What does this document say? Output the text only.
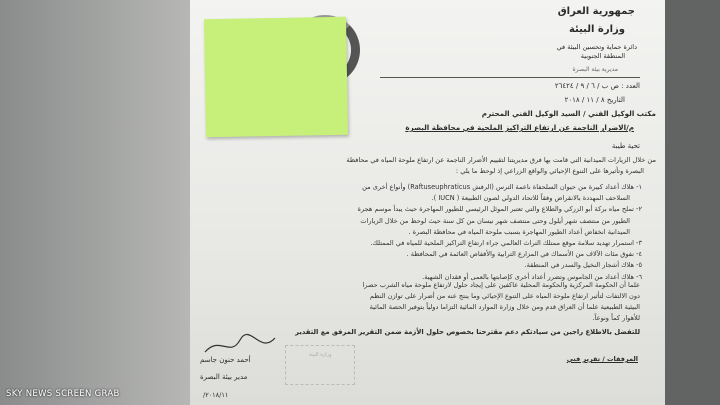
جمهورية العراق
وزارة البيئة
دائرة حماية وتحسين البيئة في
المنطقة الجنوبية
مديرية بيئة البصرة
العدد : ص ب / ٦ / ٩ / ٢٦٤٢٤
التاريخ ٨ / ١١ / ٢٠١٨
مكتب الوكيل الفني / السيد الوكيل الفني المحترم
م/الاضرار الناجمة عن ارتفاع التراكيز الملحية في محافظة البصرة
تحية طيبة
من خلال الزيارات الميدانية التي قامت بها فرق مديريتنا لتقييم الأضرار الناجمة عن ارتفاع ملوحة المياه في محافظة
البصرة وتأثيرها على التنوع الإحيائي والواقع الزراعي إذ لوحظ ما يلي :
١- هلاك أعداد كبيرة من حيوان السلحفاة ناعمة الترس (الرفش Raftuseuphraticus) وأنواع أخرى من
السلاحف المهددة بالانقراض وفقاً للاتحاد الدولي لصون الطبيعة ( IUCN ).
٢- تملح مياه بركة أبو الزركي والطلاع والتي تعتبر الموئل الرئيسي للطيور المهاجرة حيث يبدأ موسم هجرة
الطيور من منتصف شهر أيلول وحتى منتصف شهر نيسان من كل سنة حيث لوحظ من خلال الزيارات
الميدانية انخفاض أعداد الطيور المهاجرة بسبب ملوحة المياه في محافظة البصرة .
٣- استمرار تهديد سلامة موقع ممتلك التراث العالمي جراء ارتفاع التراكيز الملحية للمياه في الممتلك.
٤- نفوق مئات الآلاف من الأسماك في المزارع الترابية والأقفاص العائمة في المحافظة .
٥- هلاك أشجار النخيل والسدر في المنطقة.
٦- هلاك أعداد من الجاموس وتضرر أعداد أخرى كإصابتها بالعمى أو فقدان الشهية.
علما أن الحكومة المركزية والحكومة المحلية عاكفين على إيجاد حلول لارتفاع ملوحة مياه الشرب حصرا
دون الالتفات لتأثير ارتفاع ملوحة المياه على التنوع الإحيائي وما ينتج عنه من أضرار على توازن النظم
البيئية الطبيعية علما أن العراق قدم ومن خلال وزارة الموارد المائية التزاما دولياً بتوفير الحصة المائية
للأهوار كماً ونوعاً.
للتفضل بالاطلاع راجين من سيادتكم دعم مقترحنا بخصوص حلول الأزمة ضمن التقرير المرفق مع التقدير
المرفقات / تقرير فني
وزارة البيئة
أحمد حنون جاسم
مدير بيئة البصرة
٢٠١٨/١١/
SKY NEWS SCREEN GRAB
